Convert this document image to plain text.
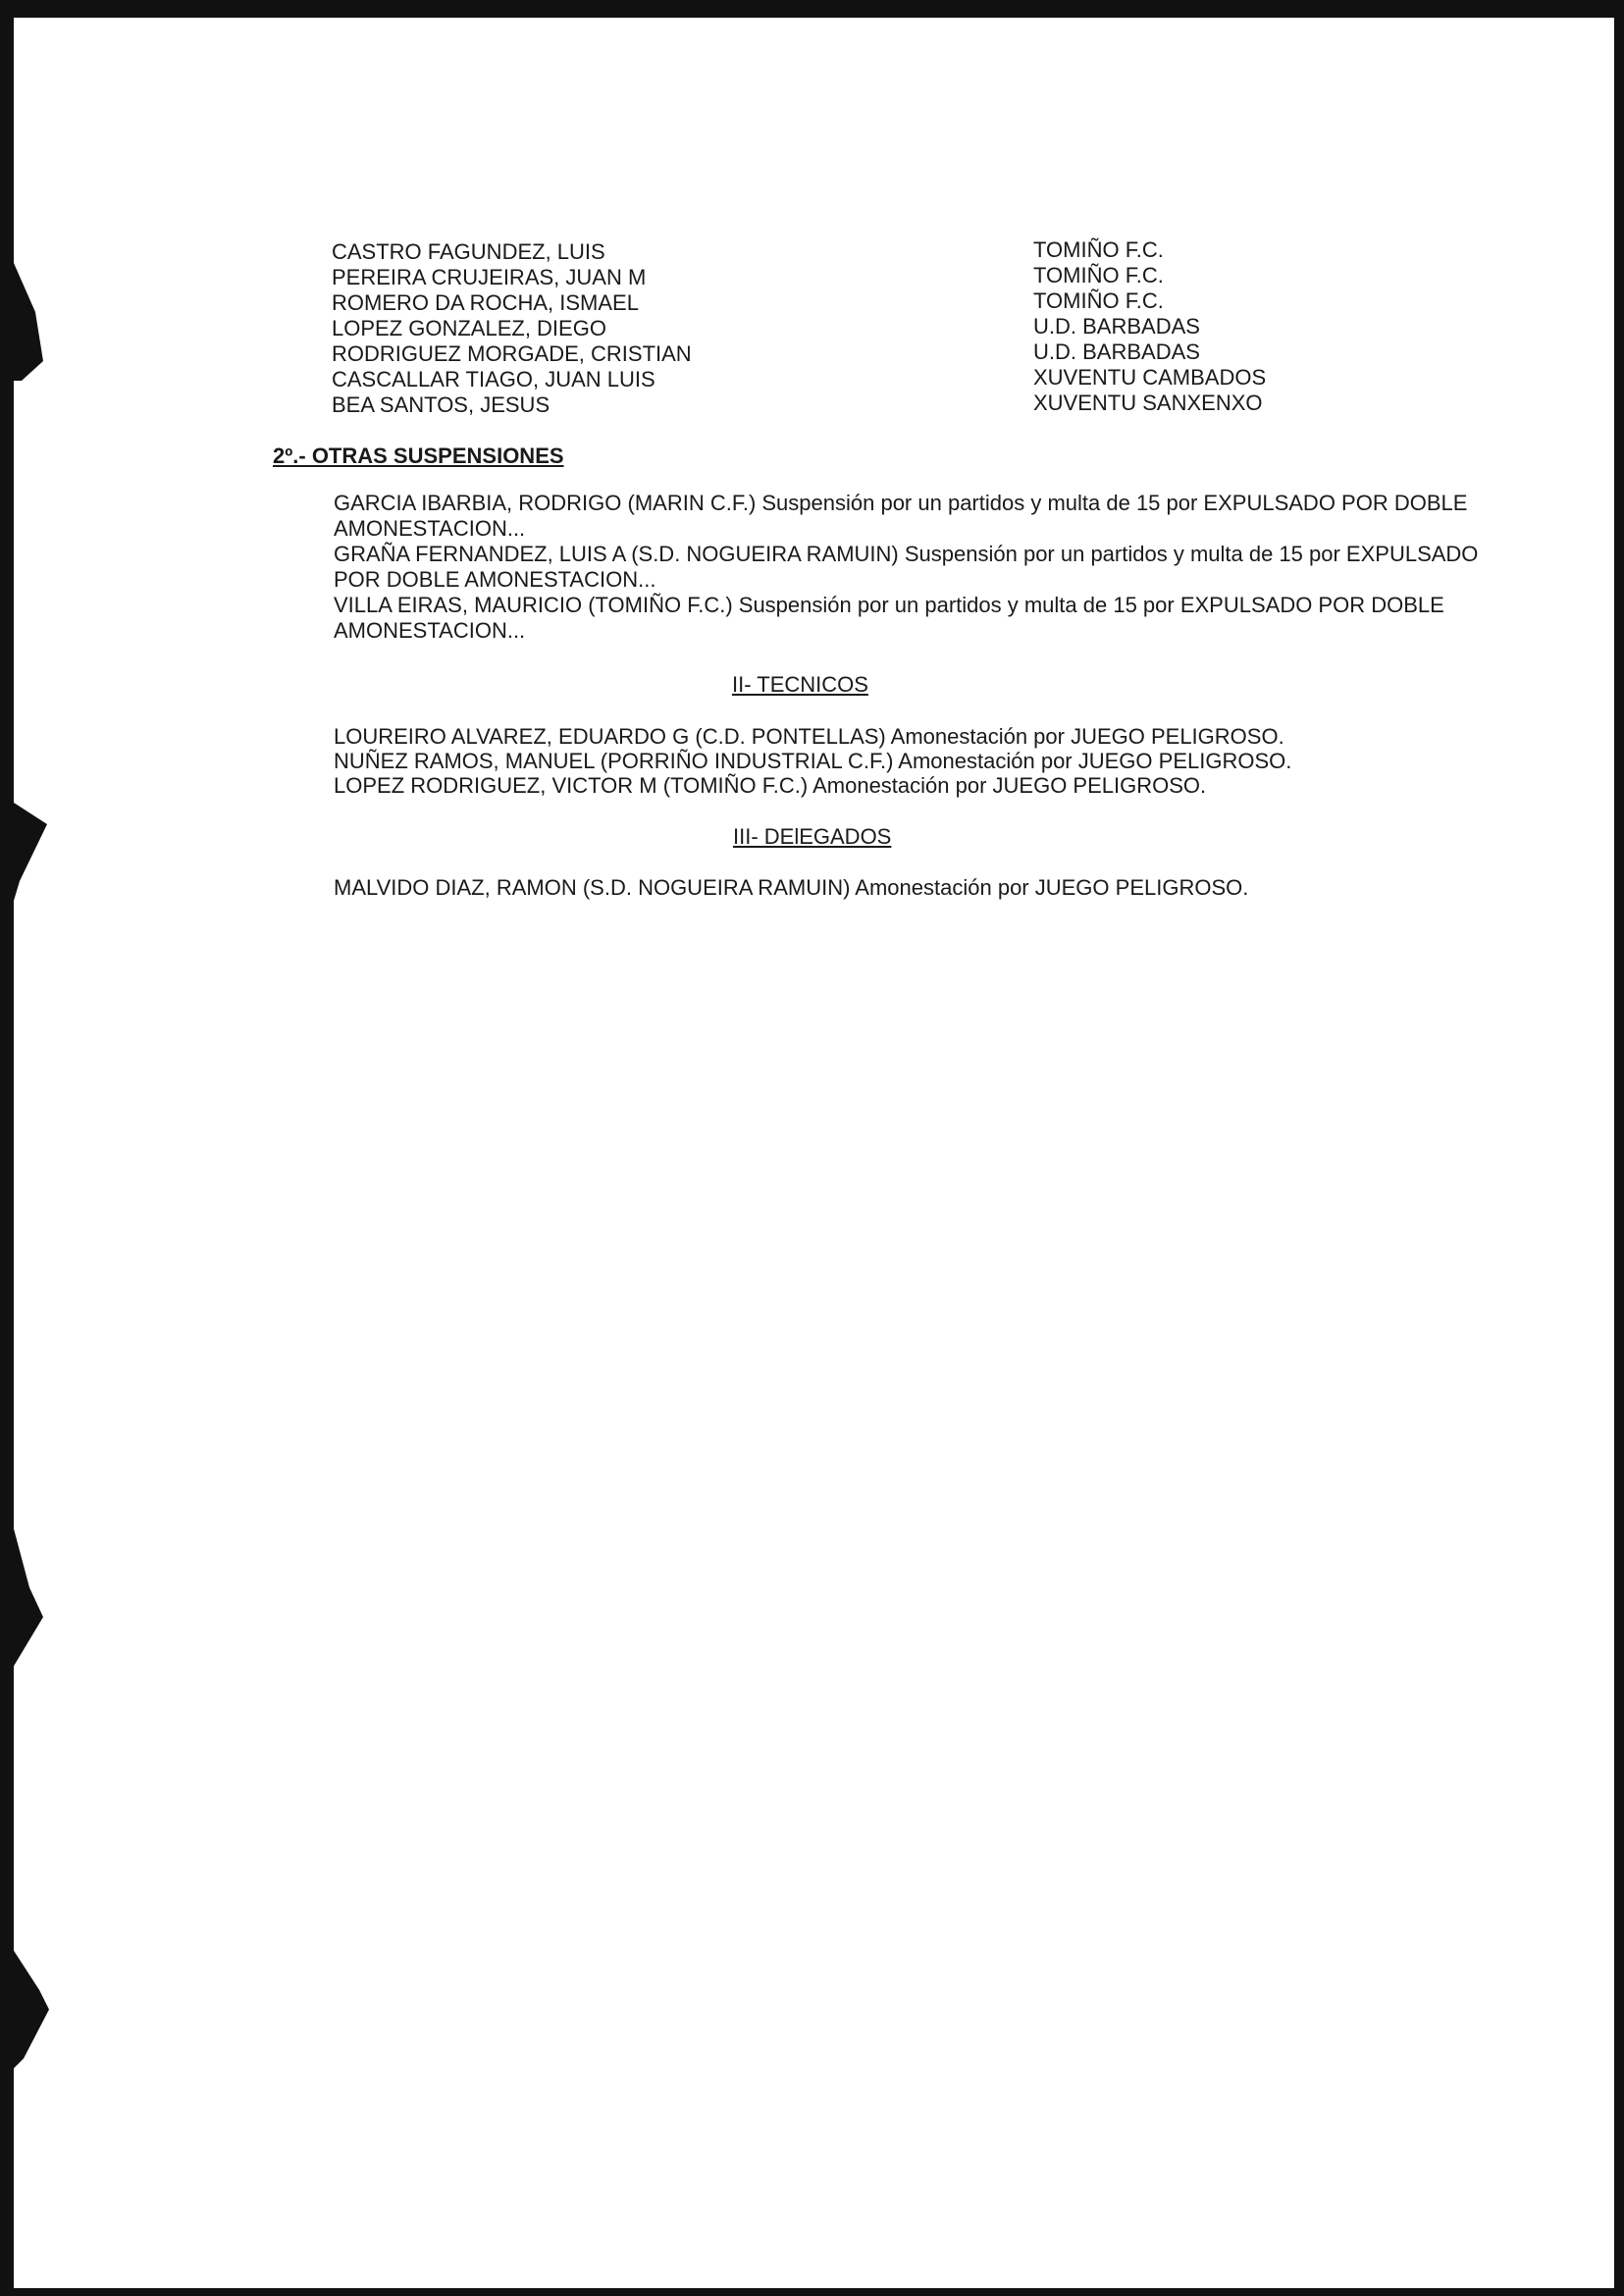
CASTRO FAGUNDEZ, LUIS
PEREIRA CRUJEIRAS, JUAN M
ROMERO DA ROCHA, ISMAEL
LOPEZ GONZALEZ, DIEGO
RODRIGUEZ MORGADE, CRISTIAN
CASCALLAR TIAGO, JUAN LUIS
BEA SANTOS, JESUS
TOMIÑO F.C.
TOMIÑO F.C.
TOMIÑO F.C.
U.D. BARBADAS
U.D. BARBADAS
XUVENTU CAMBADOS
XUVENTU SANXENXO
2º.- OTRAS SUSPENSIONES
GARCIA IBARBIA, RODRIGO (MARIN C.F.) Suspensión por un partidos y multa de 15 por EXPULSADO POR DOBLE AMONESTACION...
GRAÑA FERNANDEZ, LUIS A (S.D. NOGUEIRA RAMUIN) Suspensión por un partidos y multa de 15 por EXPULSADO POR DOBLE AMONESTACION...
VILLA EIRAS, MAURICIO (TOMIÑO F.C.) Suspensión por un partidos y multa de 15 por EXPULSADO POR DOBLE AMONESTACION...
II- TECNICOS
LOUREIRO ALVAREZ, EDUARDO G (C.D. PONTELLAS) Amonestación por JUEGO PELIGROSO.
NUÑEZ RAMOS, MANUEL (PORRIÑO INDUSTRIAL C.F.) Amonestación por JUEGO PELIGROSO.
LOPEZ RODRIGUEZ, VICTOR M (TOMIÑO F.C.) Amonestación por JUEGO PELIGROSO.
III- DElEGADOS
MALVIDO DIAZ, RAMON (S.D. NOGUEIRA RAMUIN) Amonestación por JUEGO PELIGROSO.
